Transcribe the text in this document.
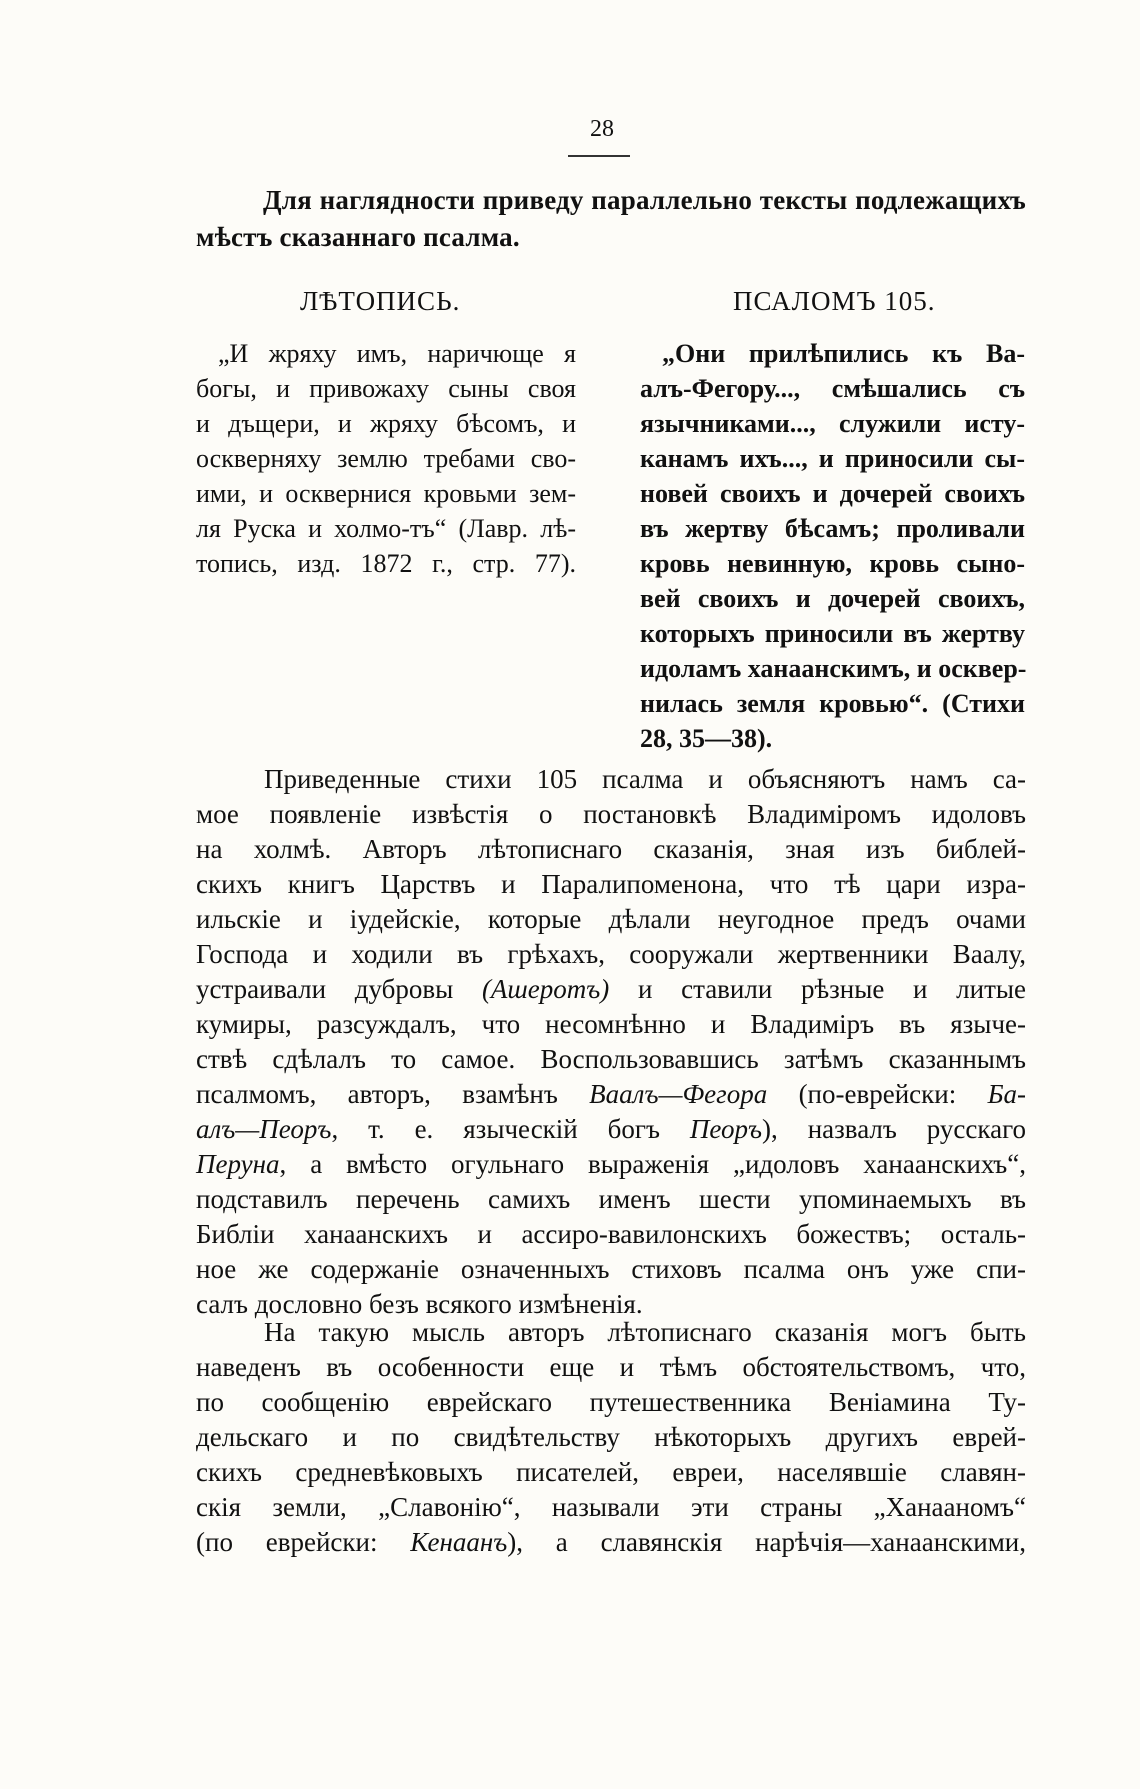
28
Для наглядности приведу параллельно тексты подлежащихъ мѣстъ сказаннаго псалма.
ЛѢТОПИСЬ.	ПСАЛОМЪ 105.
„И жряху имъ, наричюще я
богы, и привожаху сыны своя
и дъщери, и жряху бѣсомъ, и
оскверняху землю требами сво-
ими, и осквернися кровьми зем-
ля Руска и холмо-тъ“ (Лавр. лѣ-
топись, изд. 1872 г., стр. 77).
„Они прилѣпились къ Ва-
алъ-Фегору..., смѣшались съ
язычниками..., служили исту-
канамъ ихъ..., и приносили сы-
новей своихъ и дочерей своихъ
въ жертву бѣсамъ; проливали
кровь невинную, кровь сыно-
вей своихъ и дочерей своихъ,
которыхъ приносили въ жертву
идоламъ ханаанскимъ, и осквер-
нилась земля кровью“. (Стихи
28, 35—38).
Приведенные стихи 105 псалма и объясняютъ намъ са-
мое появленіе извѣстія о постановкѣ Владиміромъ идоловъ
на холмѣ. Авторъ лѣтописнаго сказанія, зная изъ библей-
скихъ книгъ Царствъ и Паралипоменона, что тѣ цари изра-
ильскіе и іудейскіе, которые дѣлали неугодное предъ очами
Господа и ходили въ грѣхахъ, сооружали жертвенники Ваалу,
устраивали дубровы (Ашеротъ) и ставили рѣзные и литые
кумиры, разсуждалъ, что несомнѣнно и Владиміръ въ языче-
ствѣ сдѣлалъ то самое. Воспользовавшись затѣмъ сказаннымъ
псалмомъ, авторъ, взамѣнъ Ваалъ—Фегора (по-еврейски: Ба-
алъ—Пеоръ, т. е. языческій богъ Пеоръ), назвалъ русскаго
Перуна, а вмѣсто огульнаго выраженія „идоловъ ханаанскихъ“,
подставилъ перечень самихъ именъ шести упоминаемыхъ въ
Библіи ханаанскихъ и ассиро-вавилонскихъ божествъ; осталь-
ное же содержаніе означенныхъ стиховъ псалма онъ уже спи-
салъ дословно безъ всякого измѣненія.
На такую мысль авторъ лѣтописнаго сказанія могъ быть
наведенъ въ особенности еще и тѣмъ обстоятельствомъ, что,
по сообщенію еврейскаго путешественника Веніамина Ту-
дельскаго и по свидѣтельству нѣкоторыхъ другихъ еврей-
скихъ средневѣковыхъ писателей, евреи, населявшіе славян-
скія земли, „Славонію“, называли эти страны „Ханааномъ“
(по еврейски: Кенаанъ), а славянскія нарѣчія—ханаанскими,
